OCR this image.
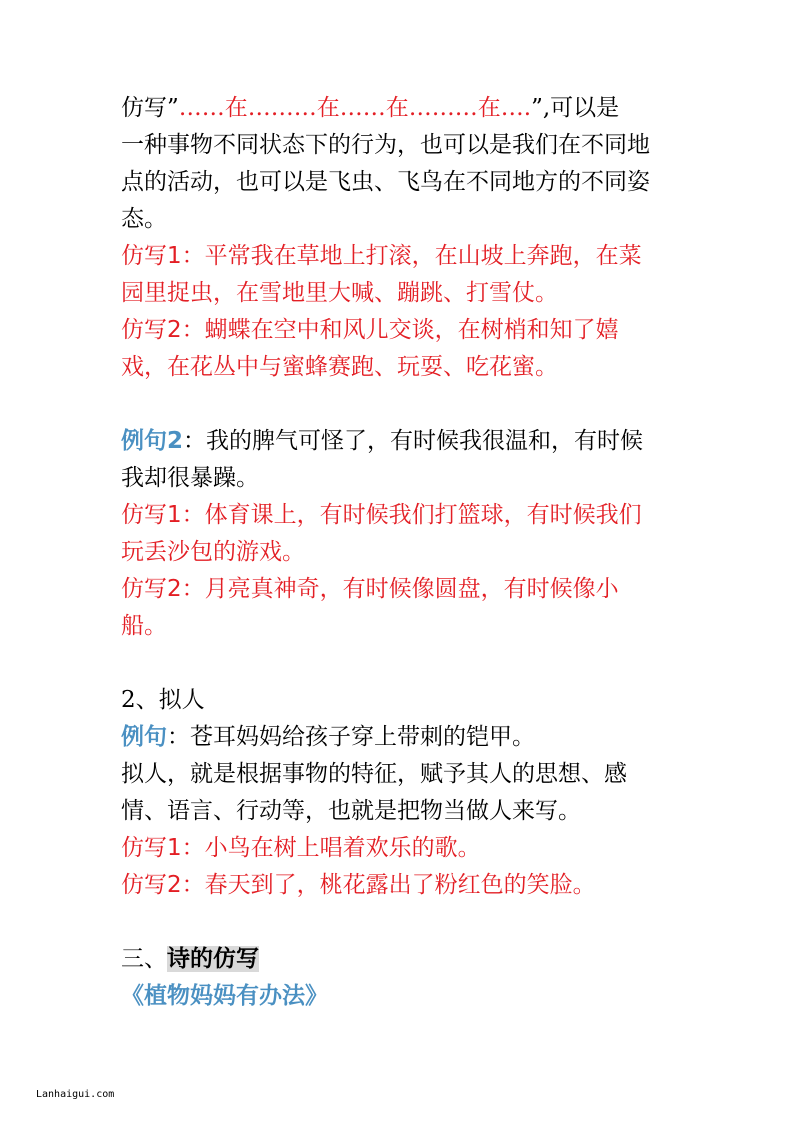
仿写”……在………在……在………在….”,可以是
一种事物不同状态下的行为，也可以是我们在不同地
点的活动，也可以是飞虫、飞鸟在不同地方的不同姿
态。
仿写1：平常我在草地上打滚，在山坡上奔跑，在菜
园里捉虫，在雪地里大喊、蹦跳、打雪仗。
仿写2：蝴蝶在空中和风儿交谈，在树梢和知了嬉
戏，在花丛中与蜜蜂赛跑、玩耍、吃花蜜。
例句2：我的脾气可怪了，有时候我很温和，有时候
我却很暴躁。
仿写1：体育课上，有时候我们打篮球，有时候我们
玩丢沙包的游戏。
仿写2：月亮真神奇，有时候像圆盘，有时候像小
船。
2、拟人
例句：苍耳妈妈给孩子穿上带刺的铠甲。
拟人，就是根据事物的特征，赋予其人的思想、感
情、语言、行动等，也就是把物当做人来写。
仿写1：小鸟在树上唱着欢乐的歌。
仿写2：春天到了，桃花露出了粉红色的笑脸。
三、诗的仿写
《植物妈妈有办法》
Lanhaigui.com
